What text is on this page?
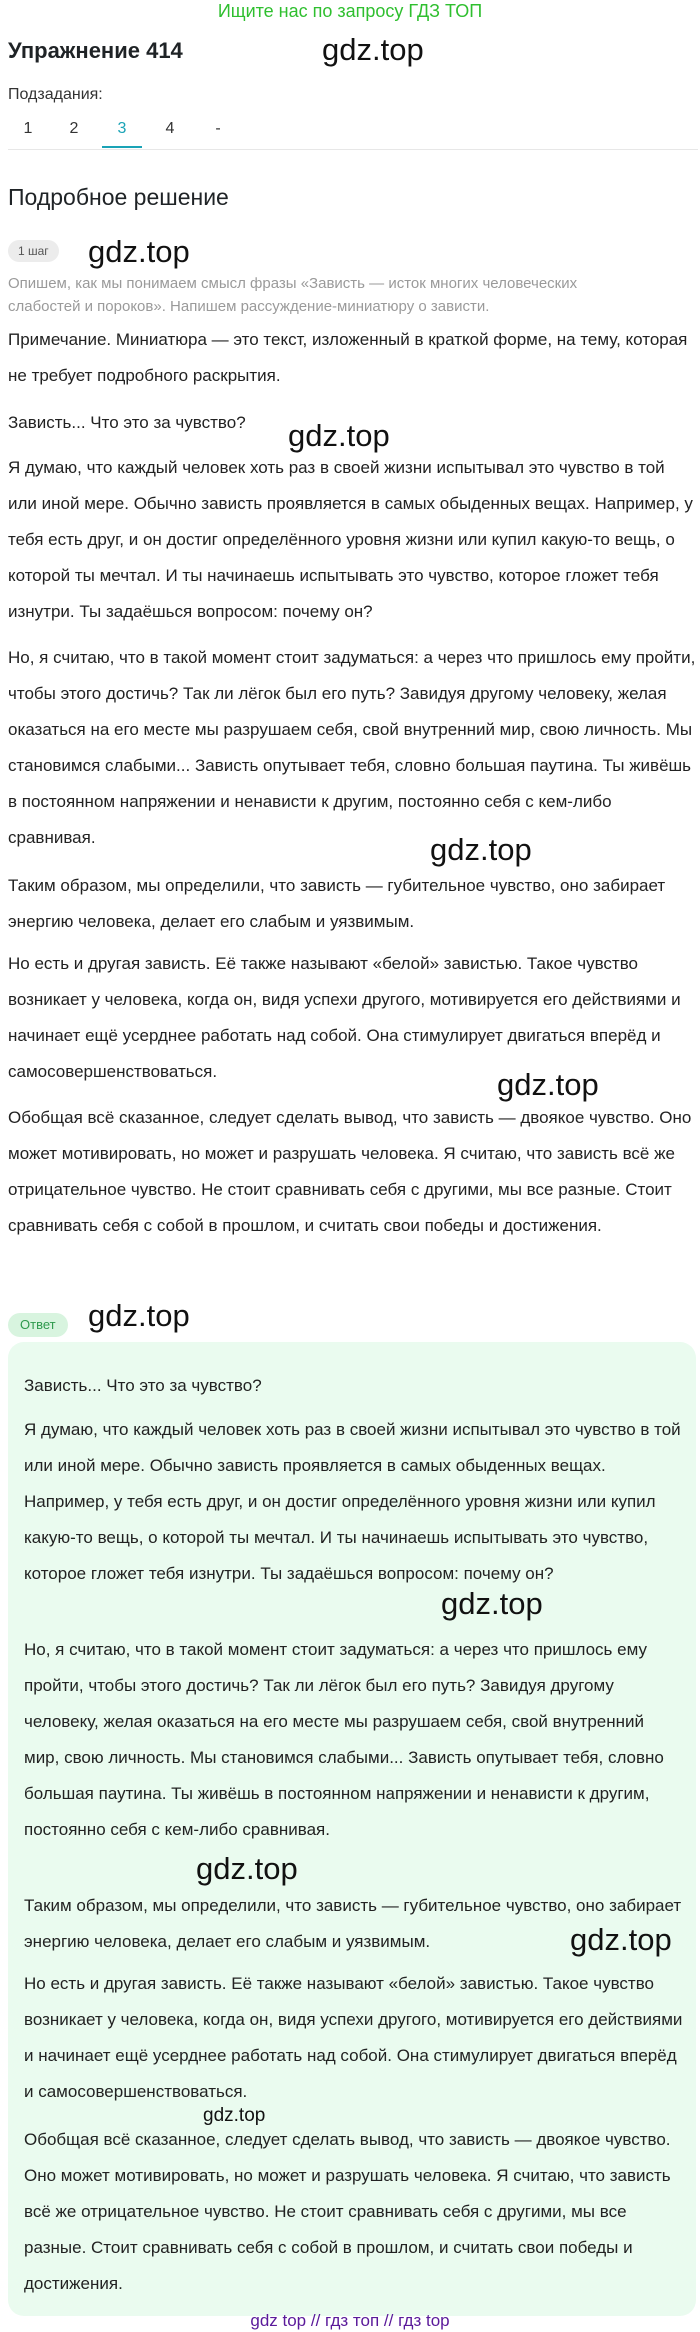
Ищите нас по запросу ГДЗ ТОП
Упражнение 414	gdz.top
Подзадания:
1	2	3	4	-
Подробное решение
1 шаг	gdz.top
Опишем, как мы понимаем смысл фразы «Зависть — исток многих человеческих слабостей и пороков». Напишем рассуждение-миниатюру о зависти.
Примечание. Миниатюра — это текст, изложенный в краткой форме, на тему, которая не требует подробного раскрытия.
Зависть... Что это за чувство?	gdz.top
Я думаю, что каждый человек хоть раз в своей жизни испытывал это чувство в той или иной мере. Обычно зависть проявляется в самых обыденных вещах. Например, у тебя есть друг, и он достиг определённого уровня жизни или купил какую-то вещь, о которой ты мечтал. И ты начинаешь испытывать это чувство, которое гложет тебя изнутри. Ты задаёшься вопросом: почему он?
Но, я считаю, что в такой момент стоит задуматься: а через что пришлось ему пройти, чтобы этого достичь? Так ли лёгок был его путь? Завидуя другому человеку, желая оказаться на его месте мы разрушаем себя, свой внутренний мир, свою личность. Мы становимся слабыми... Зависть опутывает тебя, словно большая паутина. Ты живёшь в постоянном напряжении и ненависти к другим, постоянно себя с кем-либо сравнивая.	gdz.top
Таким образом, мы определили, что зависть — губительное чувство, оно забирает энергию человека, делает его слабым и уязвимым.
Но есть и другая зависть. Её также называют «белой» завистью. Такое чувство возникает у человека, когда он, видя успехи другого, мотивируется его действиями и начинает ещё усерднее работать над собой. Она стимулирует двигаться вперёд и самосовершенствоваться.	gdz.top
Обобщая всё сказанное, следует сделать вывод, что зависть — двоякое чувство. Оно может мотивировать, но может и разрушать человека. Я считаю, что зависть всё же отрицательное чувство. Не стоит сравнивать себя с другими, мы все разные. Стоит сравнивать себя с собой в прошлом, и считать свои победы и достижения.
Ответ	gdz.top
Зависть... Что это за чувство?
Я думаю, что каждый человек хоть раз в своей жизни испытывал это чувство в той или иной мере. Обычно зависть проявляется в самых обыденных вещах. Например, у тебя есть друг, и он достиг определённого уровня жизни или купил какую-то вещь, о которой ты мечтал. И ты начинаешь испытывать это чувство, которое гложет тебя изнутри. Ты задаёшься вопросом: почему он?
gdz.top
Но, я считаю, что в такой момент стоит задуматься: а через что пришлось ему пройти, чтобы этого достичь? Так ли лёгок был его путь? Завидуя другому человеку, желая оказаться на его месте мы разрушаем себя, свой внутренний мир, свою личность. Мы становимся слабыми... Зависть опутывает тебя, словно большая паутина. Ты живёшь в постоянном напряжении и ненависти к другим, постоянно себя с кем-либо сравнивая.
gdz.top
Таким образом, мы определили, что зависть — губительное чувство, оно забирает энергию человека, делает его слабым и уязвимым.	gdz.top
Но есть и другая зависть. Её также называют «белой» завистью. Такое чувство возникает у человека, когда он, видя успехи другого, мотивируется его действиями и начинает ещё усерднее работать над собой. Она стимулирует двигаться вперёд и самосовершенствоваться.
gdz.top
Обобщая всё сказанное, следует сделать вывод, что зависть — двоякое чувство. Оно может мотивировать, но может и разрушать человека. Я считаю, что зависть всё же отрицательное чувство. Не стоит сравнивать себя с другими, мы все разные. Стоит сравнивать себя с собой в прошлом, и считать свои победы и достижения.
gdz top // гдз топ // гдз top
